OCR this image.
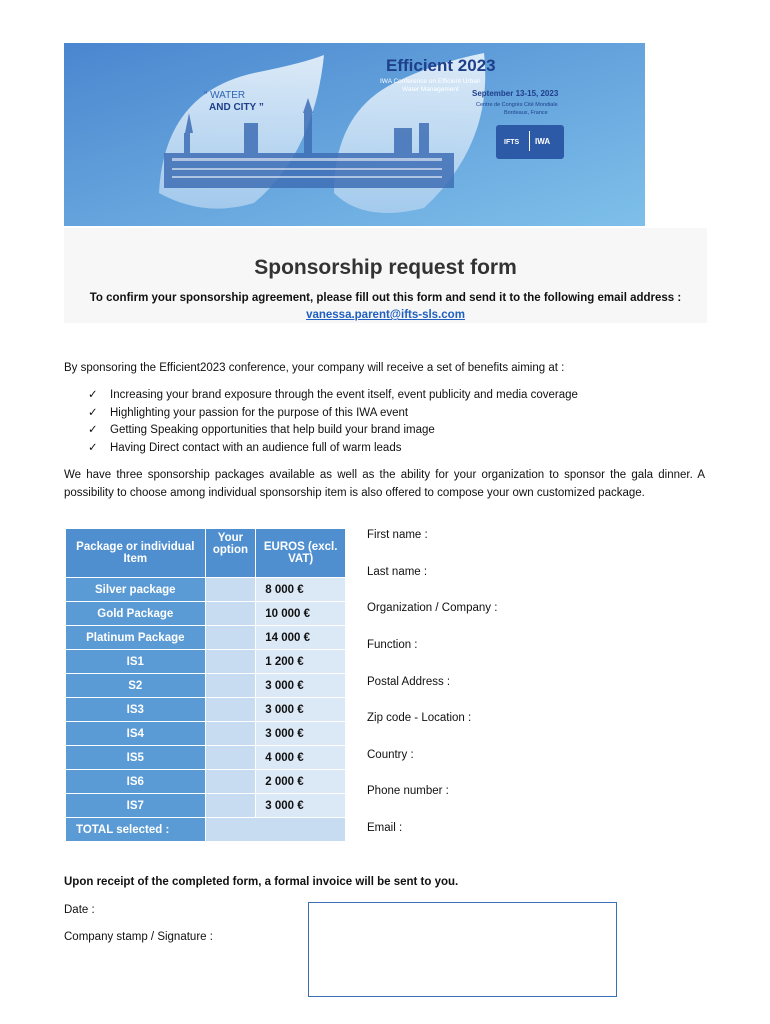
Efficient 2023
IWA Conference on Efficient Urban
Water Management
“ WATER
AND CITY ”
September 13-15, 2023
Centre de Congrès Cité Mondiale
Bordeaux, France
IFTS IWA
Sponsorship request form
To confirm your sponsorship agreement, please fill out this form and send it to the following email address :
vanessa.parent@ifts-sls.com
By sponsoring the Efficient2023 conference, your company will receive a set of benefits aiming at :
✓ Increasing your brand exposure through the event itself, event publicity and media coverage
✓ Highlighting your passion for the purpose of this IWA event
✓ Getting Speaking opportunities that help build your brand image
✓ Having Direct contact with an audience full of warm leads
We have three sponsorship packages available as well as the ability for your organization to sponsor the gala dinner. A possibility to choose among individual sponsorship item is also offered to compose your own customized package.
Package or individual Item	Your option	EUROS (excl. VAT)
Silver package		8 000 €
Gold Package		10 000 €
Platinum Package		14 000 €
IS1		1 200 €
S2		3 000 €
IS3		3 000 €
IS4		3 000 €
IS5		4 000 €
IS6		2 000 €
IS7		3 000 €
TOTAL selected :		
First name :
Last name :
Organization / Company :
Function :
Postal Address :
Zip code - Location :
Country :
Phone number :
Email :
Upon receipt of the completed form, a formal invoice will be sent to you.
Date :
Company stamp / Signature :
